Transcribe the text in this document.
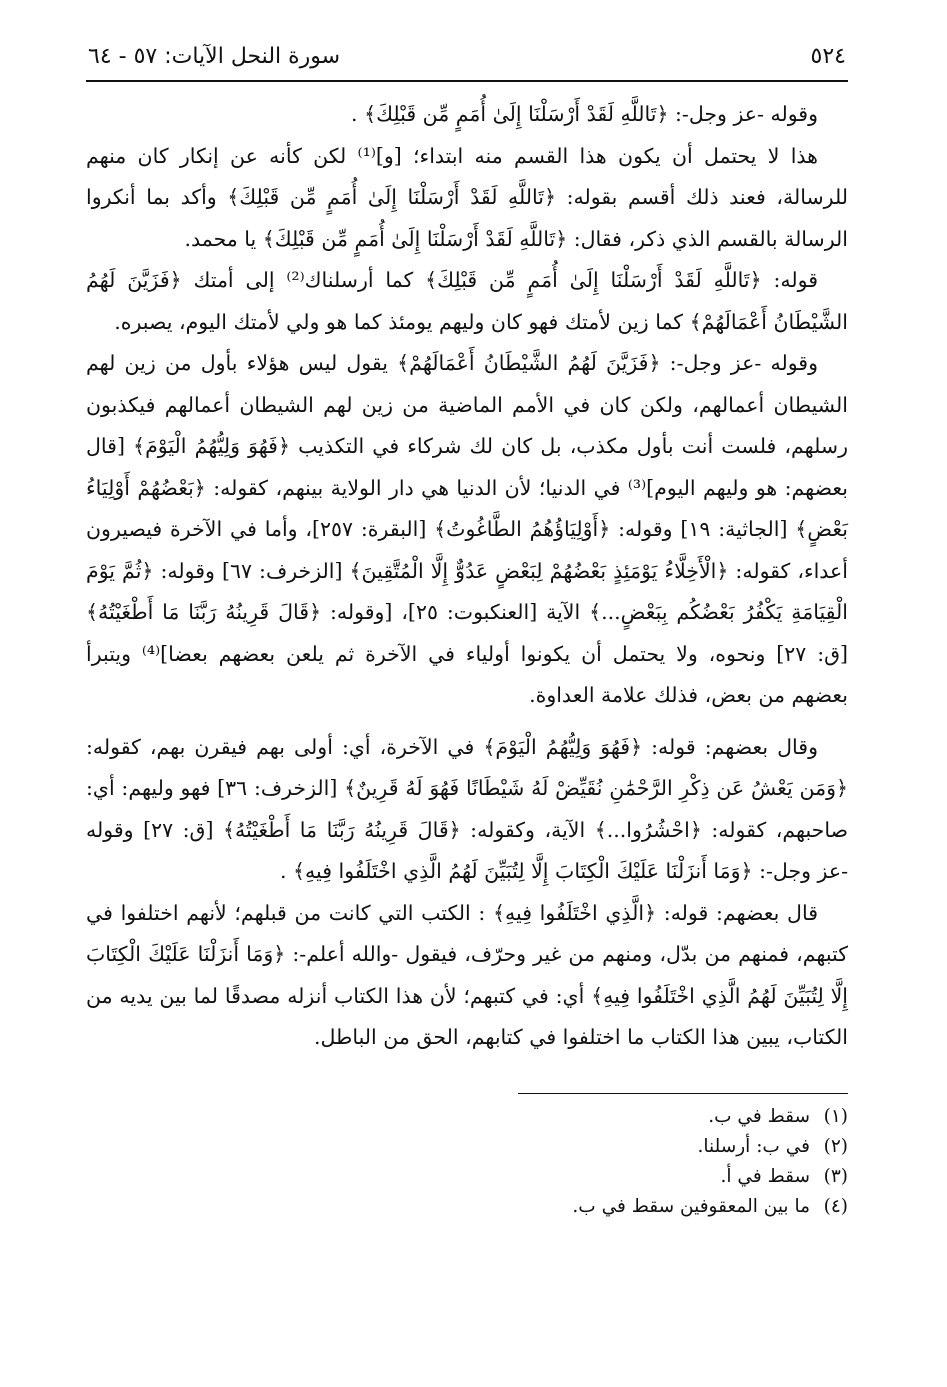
٥٢٤
سورة النحل الآيات: ٥٧ - ٦٤

وقوله -عز وجل-: ﴿تَاللَّهِ لَقَدْ أَرْسَلْنَا إِلَىٰ أُمَمٍ مِّن قَبْلِكَ﴾ .

هذا لا يحتمل أن يكون هذا القسم منه ابتداء؛ [و]⁽¹⁾ لكن كأنه عن إنكار كان منهم للرسالة، فعند ذلك أقسم بقوله: ﴿تَاللَّهِ لَقَدْ أَرْسَلْنَا إِلَىٰ أُمَمٍ مِّن قَبْلِكَ﴾ وأكد بما أنكروا الرسالة بالقسم الذي ذكر، فقال: ﴿تَاللَّهِ لَقَدْ أَرْسَلْنَا إِلَىٰ أُمَمٍ مِّن قَبْلِكَ﴾ يا محمد.

قوله: ﴿تَاللَّهِ لَقَدْ أَرْسَلْنَا إِلَىٰ أُمَمٍ مِّن قَبْلِكَ﴾ كما أرسلناك⁽²⁾ إلى أمتك ﴿فَزَيَّنَ لَهُمُ الشَّيْطَانُ أَعْمَالَهُمْ﴾ كما زين لأمتك فهو كان وليهم يومئذ كما هو ولي لأمتك اليوم، يصبره.

وقوله -عز وجل-: ﴿فَزَيَّنَ لَهُمُ الشَّيْطَانُ أَعْمَالَهُمْ﴾ يقول ليس هؤلاء بأول من زين لهم الشيطان أعمالهم، ولكن كان في الأمم الماضية من زين لهم الشيطان أعمالهم فيكذبون رسلهم، فلست أنت بأول مكذب، بل كان لك شركاء في التكذيب ﴿فَهُوَ وَلِيُّهُمُ الْيَوْمَ﴾ [قال بعضهم: هو وليهم اليوم]⁽³⁾ في الدنيا؛ لأن الدنيا هي دار الولاية بينهم، كقوله: ﴿بَعْضُهُمْ أَوْلِيَاءُ بَعْضٍ﴾ [الجاثية: ١٩] وقوله: ﴿أَوْلِيَاؤُهُمُ الطَّاغُوتُ﴾ [البقرة: ٢٥٧]، وأما في الآخرة فيصيرون أعداء، كقوله: ﴿الْأَخِلَّاءُ يَوْمَئِذٍ بَعْضُهُمْ لِبَعْضٍ عَدُوٌّ إِلَّا الْمُتَّقِينَ﴾ [الزخرف: ٦٧] وقوله: ﴿ثُمَّ يَوْمَ الْقِيَامَةِ يَكْفُرُ بَعْضُكُم بِبَعْضٍ...﴾ الآية [العنكبوت: ٢٥]، [وقوله: ﴿قَالَ قَرِينُهُ رَبَّنَا مَا أَطْغَيْتُهُ﴾ [ق: ٢٧] ونحوه، ولا يحتمل أن يكونوا أولياء في الآخرة ثم يلعن بعضهم بعضا]⁽⁴⁾ ويتبرأ بعضهم من بعض، فذلك علامة العداوة.

وقال بعضهم: قوله: ﴿فَهُوَ وَلِيُّهُمُ الْيَوْمَ﴾ في الآخرة، أي: أولى بهم فيقرن بهم، كقوله: ﴿وَمَن يَعْشُ عَن ذِكْرِ الرَّحْمَٰنِ نُقَيِّضْ لَهُ شَيْطَانًا فَهُوَ لَهُ قَرِينٌ﴾ [الزخرف: ٣٦] فهو وليهم: أي: صاحبهم، كقوله: ﴿احْشُرُوا...﴾ الآية، وكقوله: ﴿قَالَ قَرِينُهُ رَبَّنَا مَا أَطْغَيْتُهُ﴾ [ق: ٢٧] وقوله -عز وجل-: ﴿وَمَا أَنزَلْنَا عَلَيْكَ الْكِتَابَ إِلَّا لِتُبَيِّنَ لَهُمُ الَّذِي اخْتَلَفُوا فِيهِ﴾ .

قال بعضهم: قوله: ﴿الَّذِي اخْتَلَفُوا فِيهِ﴾ : الكتب التي كانت من قبلهم؛ لأنهم اختلفوا في كتبهم، فمنهم من بدّل، ومنهم من غير وحرّف، فيقول -والله أعلم-: ﴿وَمَا أَنزَلْنَا عَلَيْكَ الْكِتَابَ إِلَّا لِتُبَيِّنَ لَهُمُ الَّذِي اخْتَلَفُوا فِيهِ﴾ أي: في كتبهم؛ لأن هذا الكتاب أنزله مصدقًا لما بين يديه من الكتاب، يبين هذا الكتاب ما اختلفوا في كتابهم، الحق من الباطل.

(١)
سقط في ب.
(٢)
في ب: أرسلنا.
(٣)
سقط في أ.
(٤)
ما بين المعقوفين سقط في ب.
